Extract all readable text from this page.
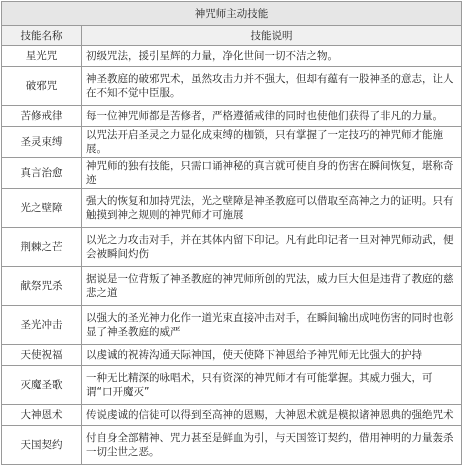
神咒师主动技能	
技能名称	技能说明
星光咒	初级咒法，援引星辉的力量，净化世间一切不洁之物。
破邪咒	神圣教庭的破邪咒术，虽然攻击力并不强大，但却有蕴有一股神圣的意志，让人在不知不觉中臣服。
苦修戒律	每一位神咒师都是苦修者，严格遵循戒律的同时也使他们获得了非凡的力量。
圣灵束缚	以咒法开启圣灵之力显化成束缚的枷锁，只有掌握了一定技巧的神咒师才能施展。
真言治愈	神咒师的独有技能，只需口诵神秘的真言就可使自身的伤害在瞬间恢复，堪称奇迹
光之壁障	强大的恢复和加持咒法，光之壁障是神圣教庭可以借取至高神之力的证明。只有触摸到神之规则的神咒师才可施展
荆棘之芒	以光之力攻击对手，并在其体内留下印记。凡有此印记者一旦对神咒师动武，便会被瞬间灼伤
献祭咒杀	据说是一位背叛了神圣教庭的神咒师所创的咒法，威力巨大但是违背了教庭的慈悲之道
圣光冲击	以强大的圣光神力化作一道光束直接冲击对手，在瞬间输出成吨伤害的同时也彰显了神圣教庭的威严
天使祝福	以虔诚的祝祷沟通天际神国，使天使降下神恩给予神咒师无比强大的护持
灭魔圣歌	一种无比精深的咏唱术，只有资深的神咒师才有可能掌握。其威力强大，可谓“口开魔灭”
大神恩术	传说虔诚的信徒可以得到至高神的恩赐，大神恩术就是模拟诸神恩典的强绝咒术
天国契约	付自身全部精神、咒力甚至是鲜血为引，与天国签订契约，借用神明的力量轰杀一切尘世之恶。
